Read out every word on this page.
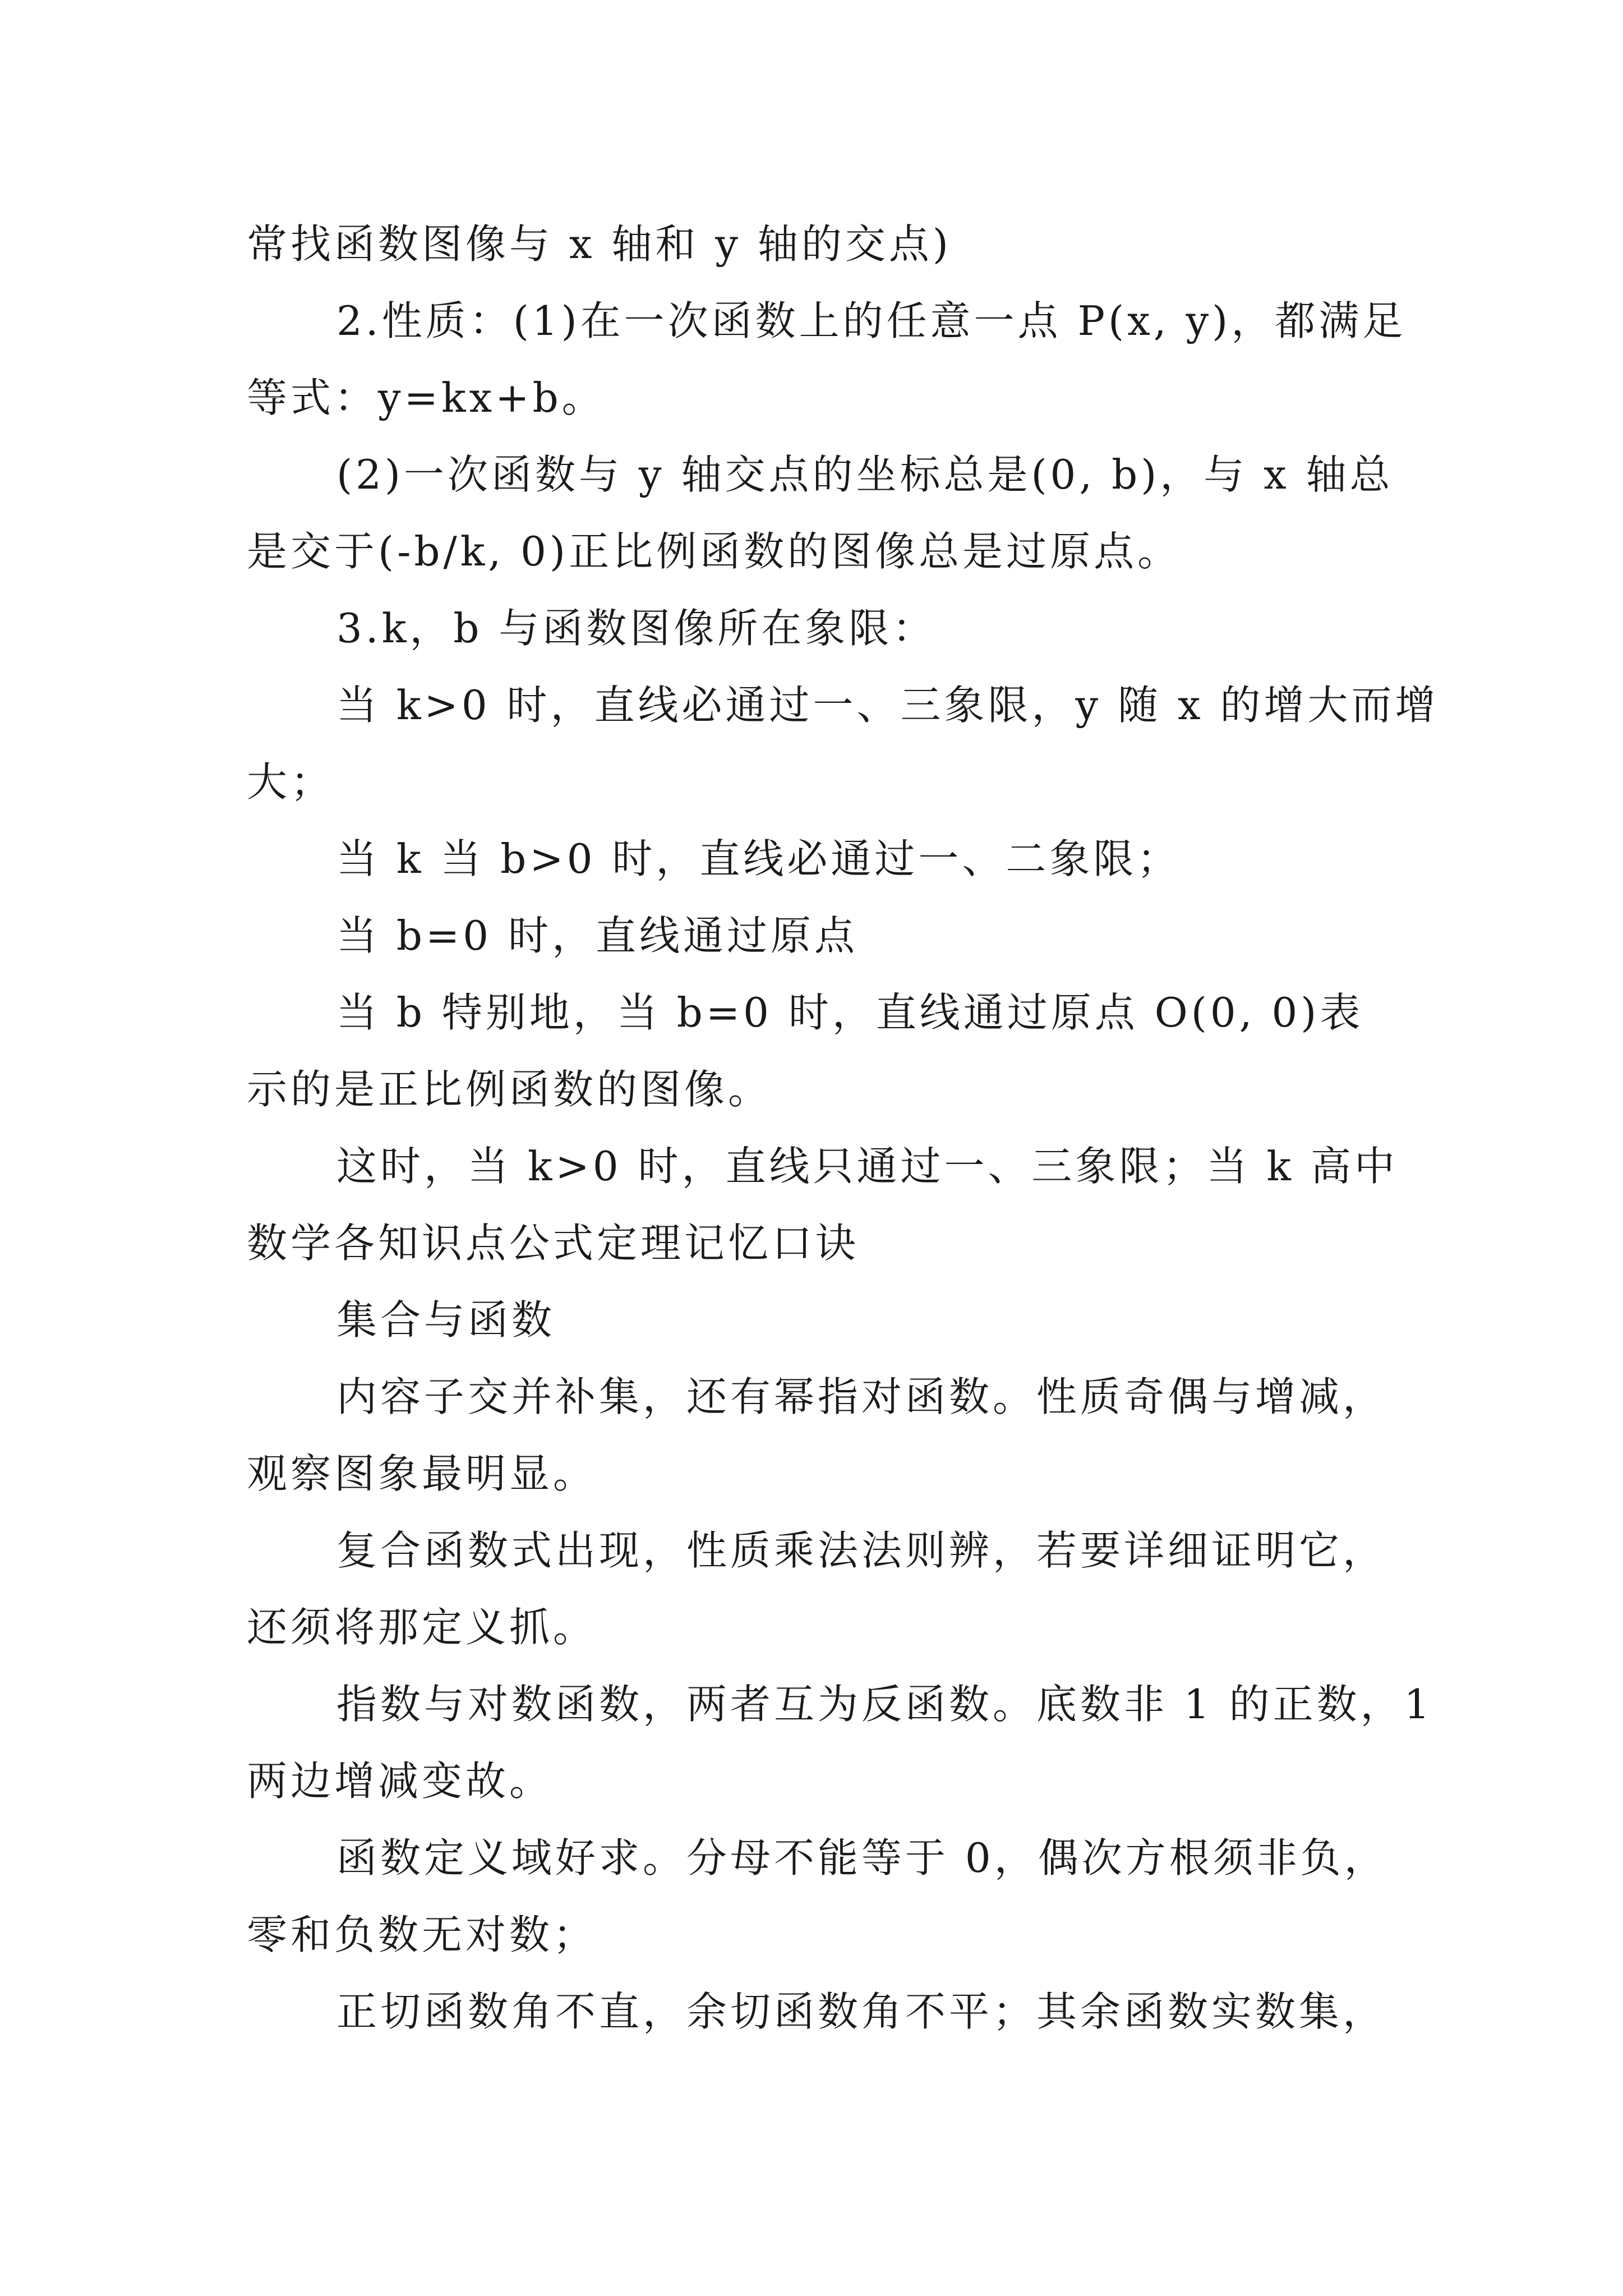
常找函数图像与 x 轴和 y 轴的交点)

2.性质：(1)在一次函数上的任意一点 P(x, y)，都满足

等式：y=kx+b。

(2)一次函数与 y 轴交点的坐标总是(0, b)，与 x 轴总

是交于(-b/k, 0)正比例函数的图像总是过原点。

3.k，b 与函数图像所在象限：

当 k>0 时，直线必通过一、三象限，y 随 x 的增大而增

大；

当 k 当 b>0 时，直线必通过一、二象限；

当 b=0 时，直线通过原点

当 b 特别地，当 b=0 时，直线通过原点 O(0, 0)表

示的是正比例函数的图像。

这时，当 k>0 时，直线只通过一、三象限；当 k 高中

数学各知识点公式定理记忆口诀

集合与函数

内容子交并补集，还有幂指对函数。性质奇偶与增减，

观察图象最明显。

复合函数式出现，性质乘法法则辨，若要详细证明它，

还须将那定义抓。

指数与对数函数，两者互为反函数。底数非 1 的正数，1

两边增减变故。

函数定义域好求。分母不能等于 0，偶次方根须非负，

零和负数无对数；

正切函数角不直，余切函数角不平；其余函数实数集，
